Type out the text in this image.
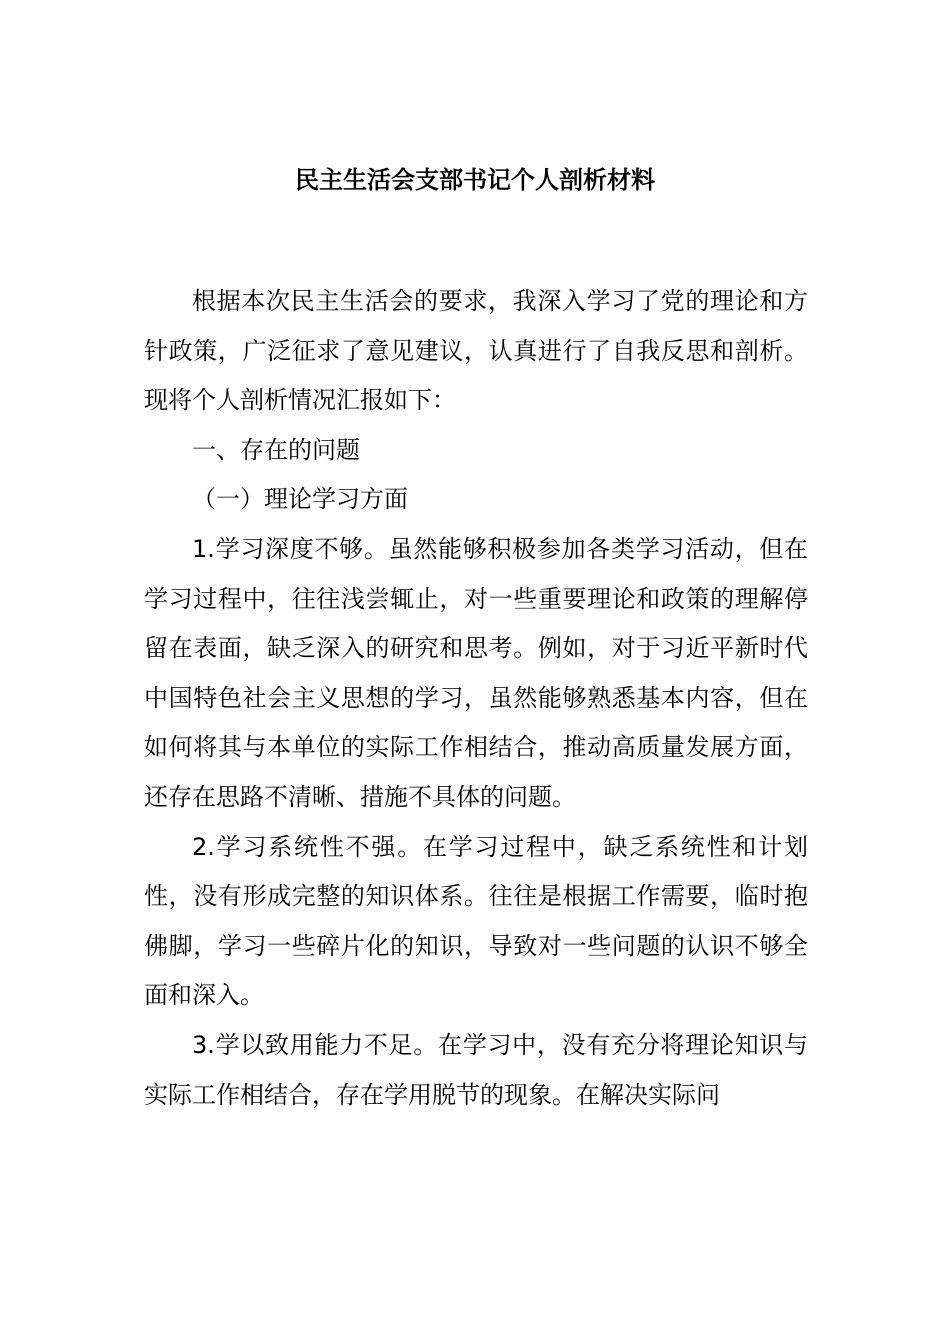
民主生活会支部书记个人剖析材料

根据本次民主生活会的要求，我深入学习了党的理论和方针政策，广泛征求了意见建议，认真进行了自我反思和剖析。现将个人剖析情况汇报如下：

一、存在的问题

（一）理论学习方面

1.学习深度不够。虽然能够积极参加各类学习活动，但在学习过程中，往往浅尝辄止，对一些重要理论和政策的理解停留在表面，缺乏深入的研究和思考。例如，对于习近平新时代中国特色社会主义思想的学习，虽然能够熟悉基本内容，但在如何将其与本单位的实际工作相结合，推动高质量发展方面，还存在思路不清晰、措施不具体的问题。

2.学习系统性不强。在学习过程中，缺乏系统性和计划性，没有形成完整的知识体系。往往是根据工作需要，临时抱佛脚，学习一些碎片化的知识，导致对一些问题的认识不够全面和深入。

3.学以致用能力不足。在学习中，没有充分将理论知识与实际工作相结合，存在学用脱节的现象。在解决实际问
